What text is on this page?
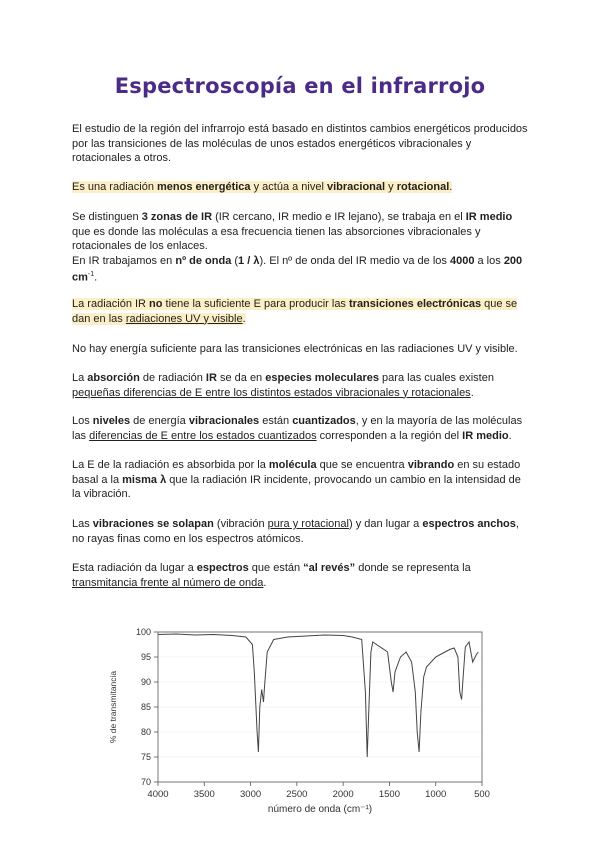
Espectroscopía en el infrarrojo

El estudio de la región del infrarrojo está basado en distintos cambios energéticos producidos por las transiciones de las moléculas de unos estados energéticos vibracionales y rotacionales a otros.

Es una radiación menos energética y actúa a nivel vibracional y rotacional.

Se distinguen 3 zonas de IR (IR cercano, IR medio e IR lejano), se trabaja en el IR medio que es donde las moléculas a esa frecuencia tienen las absorciones vibracionales y rotacionales de los enlaces.
En IR trabajamos en nº de onda (1 / λ). El nº de onda del IR medio va de los 4000 a los 200 $cm^{-1}$.

La radiación IR no tiene la suficiente E para producir las transiciones electrónicas que se dan en las radiaciones UV y visible.

No hay energía suficiente para las transiciones electrónicas en las radiaciones UV y visible.

La absorción de radiación IR se da en especies moleculares para las cuales existen pequeñas diferencias de E entre los distintos estados vibracionales y rotacionales.

Los niveles de energía vibracionales están cuantizados, y en la mayoría de las moléculas las diferencias de E entre los estados cuantizados corresponden a la región del IR medio.

La E de la radiación es absorbida por la molécula que se encuentra vibrando en su estado basal a la misma λ que la radiación IR incidente, provocando un cambio en la intensidad de la vibración.

Las vibraciones se solapan (vibración pura y rotacional) y dan lugar a espectros anchos, no rayas finas como en los espectros atómicos.

Esta radiación da lugar a espectros que están “al revés” donde se representa la transmitancia frente al número de onda.

70
75
80
85
90
95
100
4000	3500	3000	2500	2000	1500	1000	500
% de transmitancia
número de onda (cm⁻¹)
